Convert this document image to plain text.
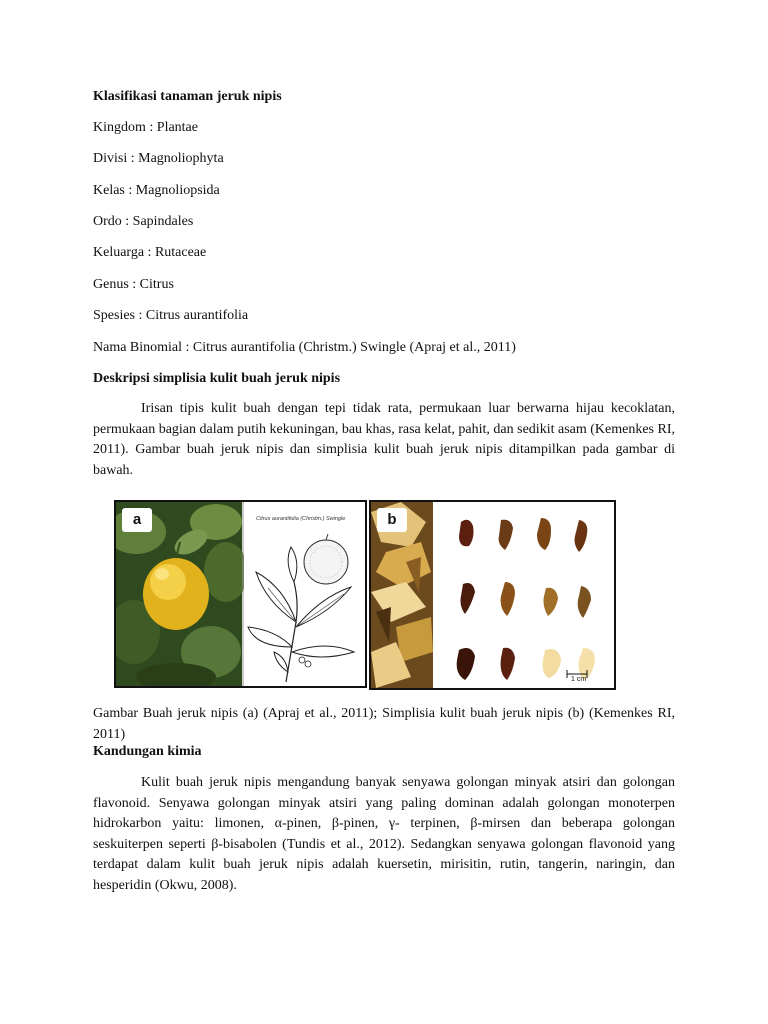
Klasifikasi tanaman jeruk nipis
Kingdom : Plantae
Divisi : Magnoliophyta
Kelas : Magnoliopsida
Ordo : Sapindales
Keluarga : Rutaceae
Genus : Citrus
Spesies : Citrus aurantifolia
Nama Binomial : Citrus aurantifolia (Christm.) Swingle (Apraj et al., 2011)
Deskripsi simplisia kulit buah jeruk nipis
Irisan tipis kulit buah dengan tepi tidak rata, permukaan luar berwarna hijau kecoklatan, permukaan bagian dalam putih kekuningan, bau khas, rasa kelat, pahit, dan sedikit asam (Kemenkes RI, 2011). Gambar buah jeruk nipis dan simplisia kulit buah jeruk nipis ditampilkan pada gambar di bawah.
a	Citrus aurantifolia (Christm.) Swingle	b
1 cm
Gambar Buah jeruk nipis (a) (Apraj et al., 2011); Simplisia kulit buah jeruk nipis (b) (Kemenkes RI, 2011)
Kandungan kimia
Kulit buah jeruk nipis mengandung banyak senyawa golongan minyak atsiri dan golongan flavonoid. Senyawa golongan minyak atsiri yang paling dominan adalah golongan monoterpen hidrokarbon yaitu: limonen, α-pinen, β-pinen, γ- terpinen, β-mirsen dan beberapa golongan seskuiterpen seperti β-bisabolen (Tundis et al., 2012). Sedangkan senyawa golongan flavonoid yang terdapat dalam kulit buah jeruk nipis adalah kuersetin, mirisitin, rutin, tangerin, naringin, dan hesperidin (Okwu, 2008).
